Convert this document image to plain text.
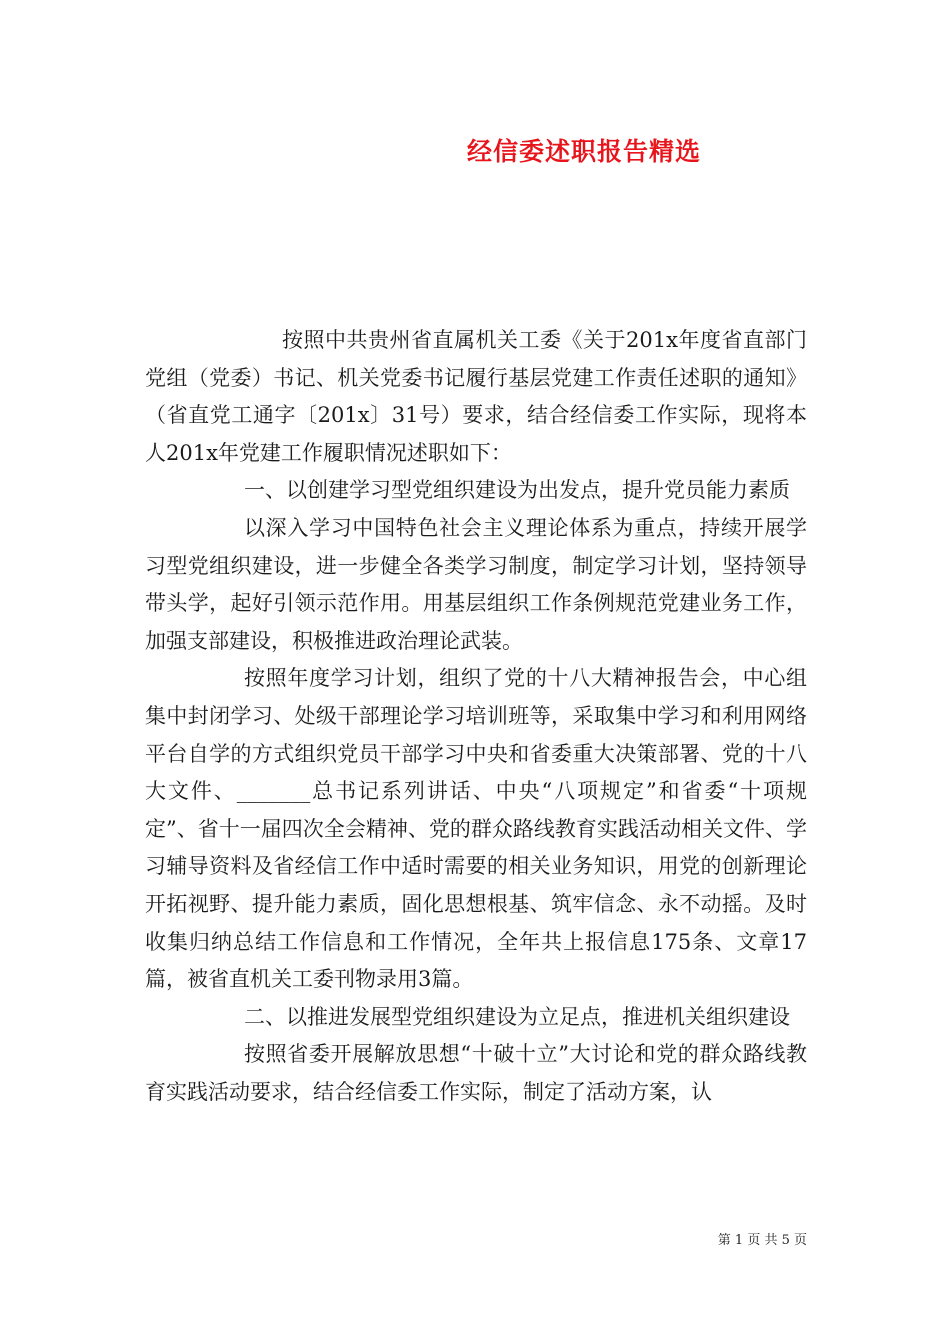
经信委述职报告精选

按照中共贵州省直属机关工委《关于201x年度省直部门党组（党委）书记、机关党委书记履行基层党建工作责任述职的通知》（省直党工通字〔201x〕31号）要求，结合经信委工作实际，现将本人201x年党建工作履职情况述职如下：

一、以创建学习型党组织建设为出发点，提升党员能力素质

以深入学习中国特色社会主义理论体系为重点，持续开展学习型党组织建设，进一步健全各类学习制度，制定学习计划，坚持领导带头学，起好引领示范作用。用基层组织工作条例规范党建业务工作，加强支部建设，积极推进政治理论武装。

按照年度学习计划，组织了党的十八大精神报告会，中心组集中封闭学习、处级干部理论学习培训班等，采取集中学习和利用网络平台自学的方式组织党员干部学习中央和省委重大决策部署、党的十八大文件、_______总书记系列讲话、中央“八项规定”和省委“十项规定”、省十一届四次全会精神、党的群众路线教育实践活动相关文件、学习辅导资料及省经信工作中适时需要的相关业务知识，用党的创新理论开拓视野、提升能力素质，固化思想根基、筑牢信念、永不动摇。及时收集归纳总结工作信息和工作情况，全年共上报信息175条、文章17篇，被省直机关工委刊物录用3篇。

二、以推进发展型党组织建设为立足点，推进机关组织建设

按照省委开展解放思想“十破十立”大讨论和党的群众路线教育实践活动要求，结合经信委工作实际，制定了活动方案，认

第 1 页 共 5 页
